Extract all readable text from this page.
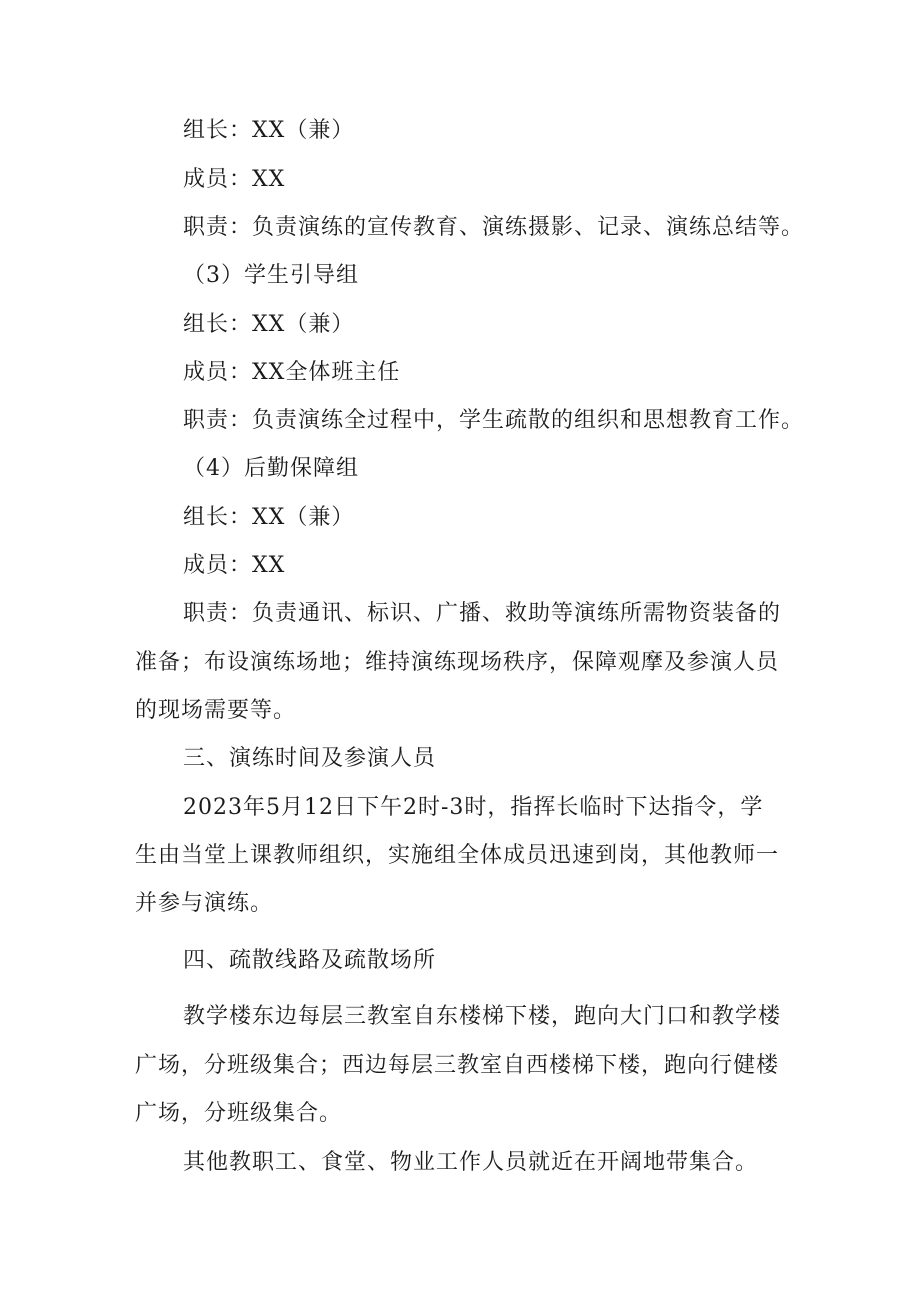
组长：XX（兼）
成员：XX
职责：负责演练的宣传教育、演练摄影、记录、演练总结等。
（3）学生引导组
组长：XX（兼）
成员：XX全体班主任
职责：负责演练全过程中，学生疏散的组织和思想教育工作。
（4）后勤保障组
组长：XX（兼）
成员：XX
职责：负责通讯、标识、广播、救助等演练所需物资装备的
准备；布设演练场地；维持演练现场秩序，保障观摩及参演人员
的现场需要等。
三、演练时间及参演人员
2023年5月12日下午2时-3时，指挥长临时下达指令，学
生由当堂上课教师组织，实施组全体成员迅速到岗，其他教师一
并参与演练。
四、疏散线路及疏散场所
教学楼东边每层三教室自东楼梯下楼，跑向大门口和教学楼
广场，分班级集合；西边每层三教室自西楼梯下楼，跑向行健楼
广场，分班级集合。
其他教职工、食堂、物业工作人员就近在开阔地带集合。
